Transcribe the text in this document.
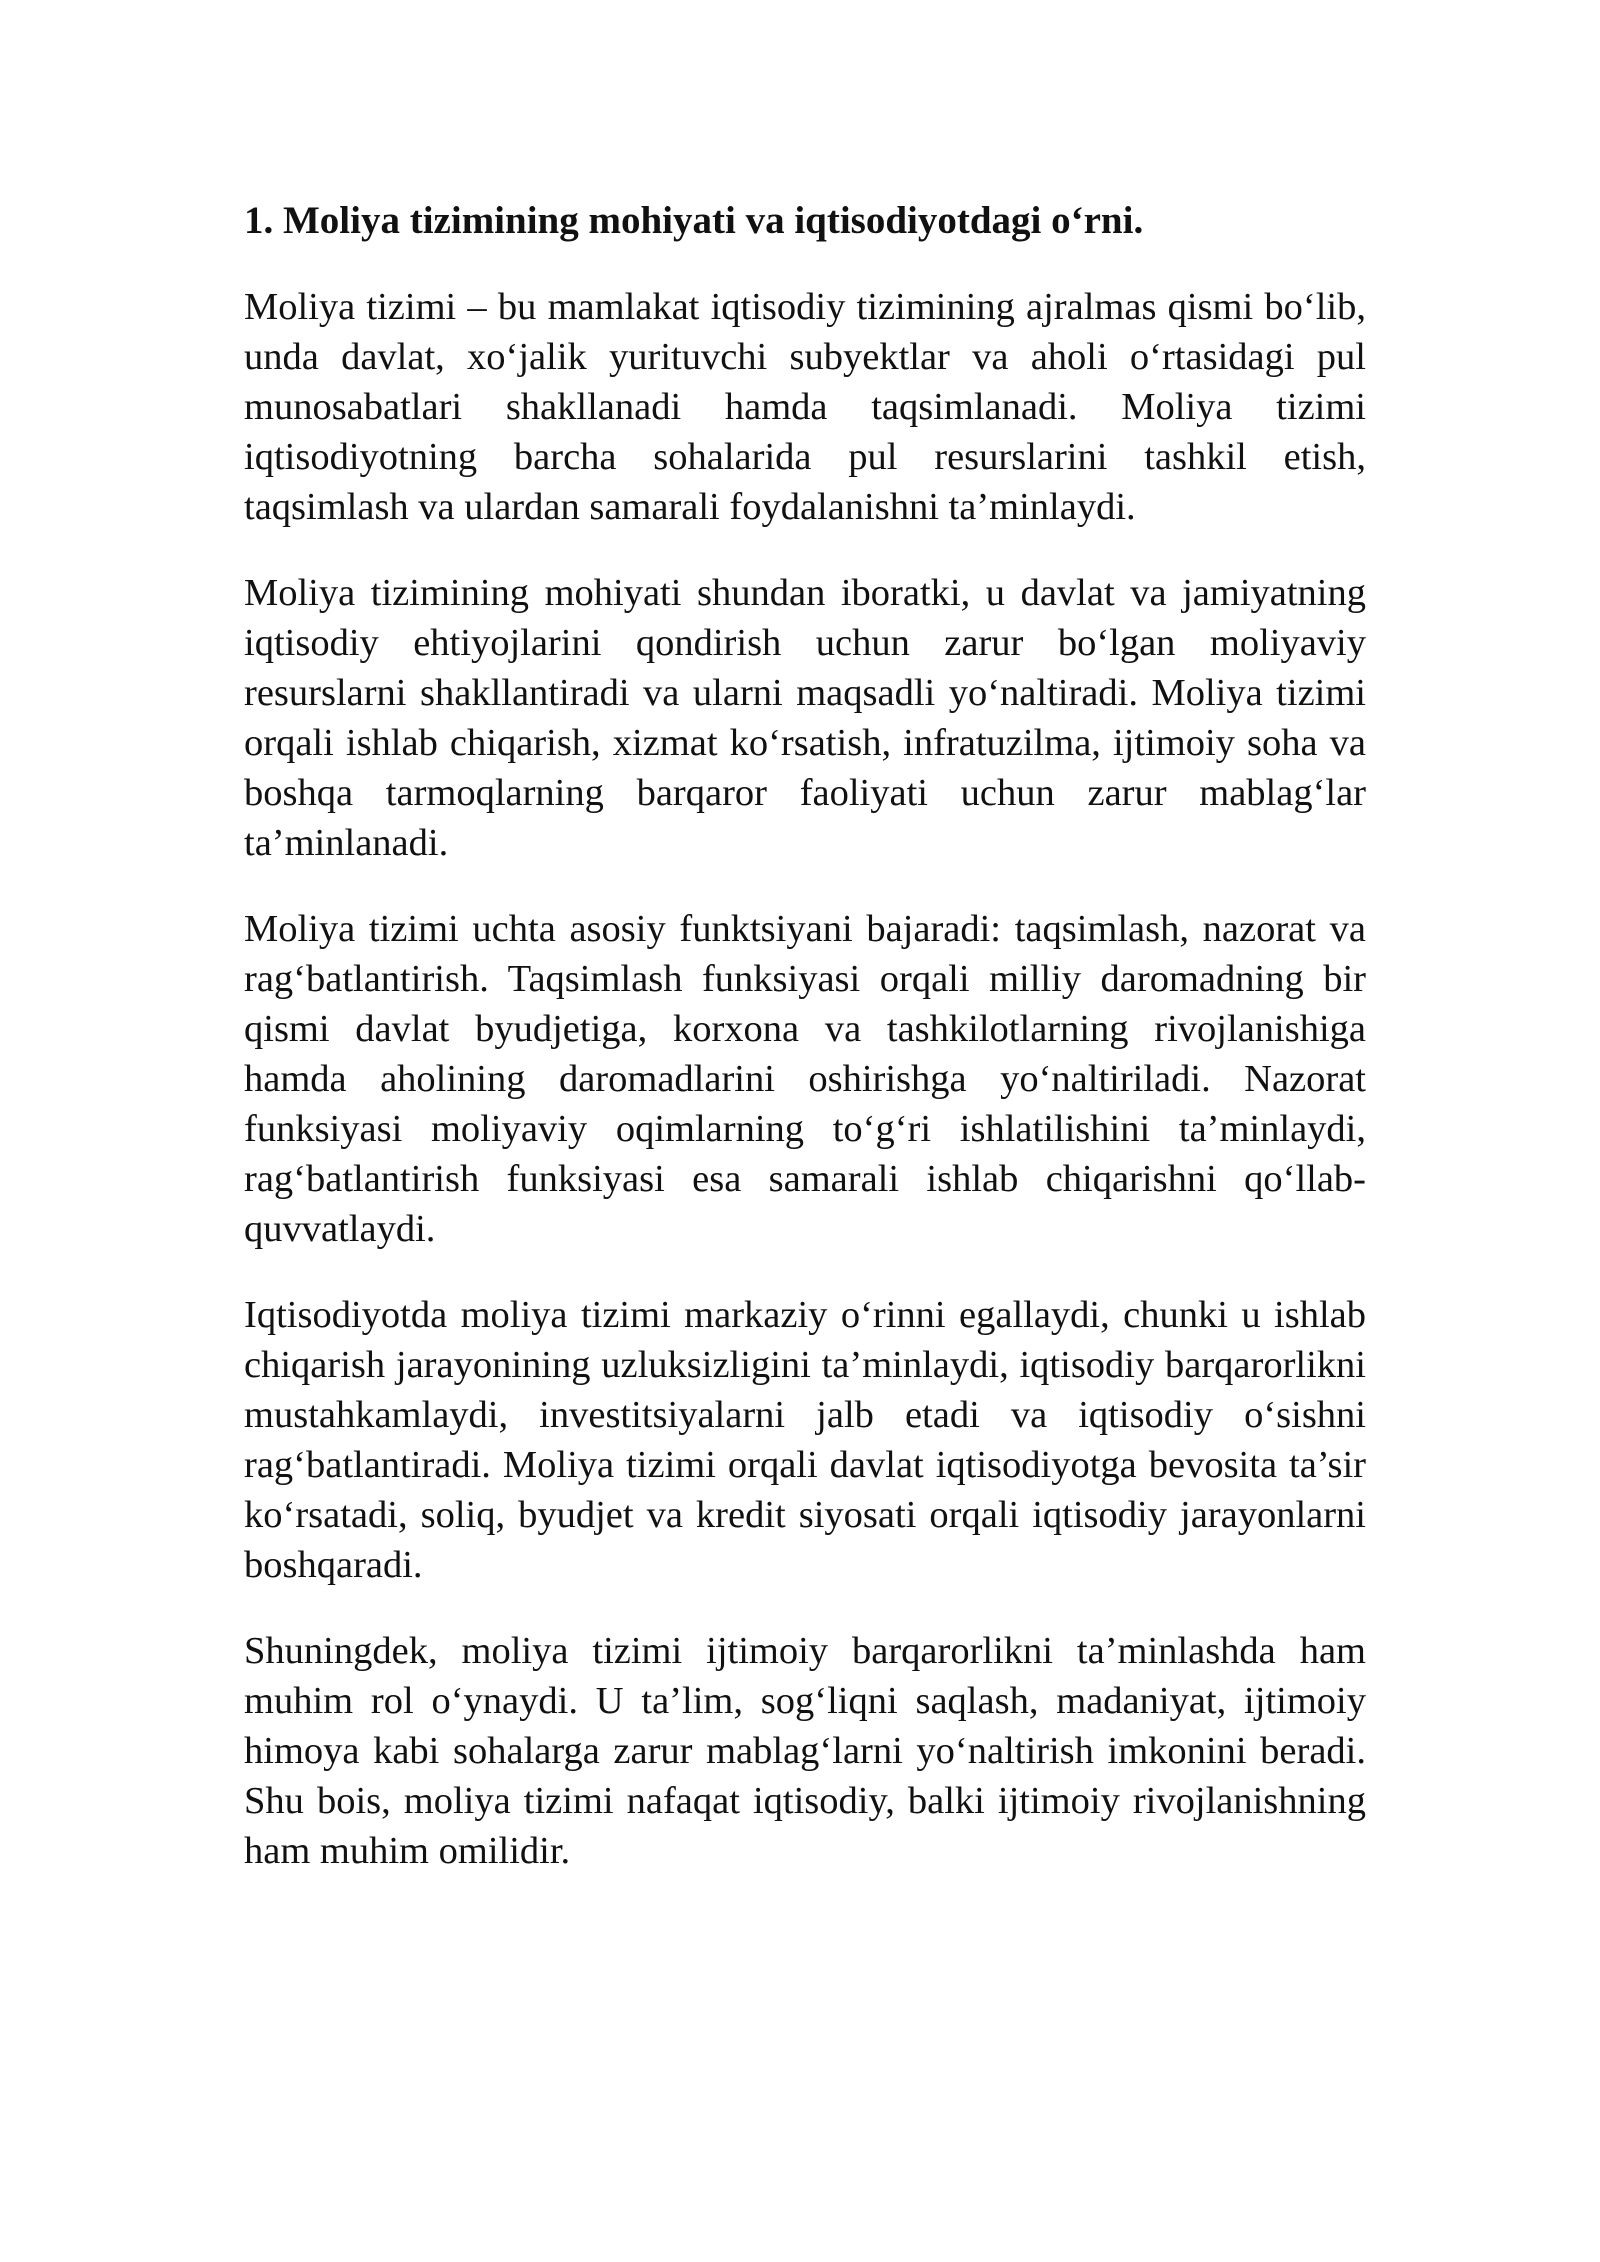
1. Moliya tizimining mohiyati va iqtisodiyotdagi o‘rni.

Moliya tizimi – bu mamlakat iqtisodiy tizimining ajralmas qismi bo‘lib, unda davlat, xo‘jalik yurituvchi subyektlar va aholi o‘rtasidagi pul munosabatlari shakllanadi hamda taqsimlanadi. Moliya tizimi iqtisodiyotning barcha sohalarida pul resurslarini tashkil etish, taqsimlash va ulardan samarali foydalanishni ta’minlaydi.

Moliya tizimining mohiyati shundan iboratki, u davlat va jamiyatning iqtisodiy ehtiyojlarini qondirish uchun zarur bo‘lgan moliyaviy resurslarni shakllantiradi va ularni maqsadli yo‘naltiradi. Moliya tizimi orqali ishlab chiqarish, xizmat ko‘rsatish, infratuzilma, ijtimoiy soha va boshqa tarmoqlarning barqaror faoliyati uchun zarur mablag‘lar ta’minlanadi.

Moliya tizimi uchta asosiy funktsiyani bajaradi: taqsimlash, nazorat va rag‘batlantirish. Taqsimlash funksiyasi orqali milliy daromadning bir qismi davlat byudjetiga, korxona va tashkilotlarning rivojlanishiga hamda aholining daromadlarini oshirishga yo‘naltiriladi. Nazorat funksiyasi moliyaviy oqimlarning to‘g‘ri ishlatilishini ta’minlaydi, rag‘batlantirish funksiyasi esa samarali ishlab chiqarishni qo‘llab-quvvatlaydi.

Iqtisodiyotda moliya tizimi markaziy o‘rinni egallaydi, chunki u ishlab chiqarish jarayonining uzluksizligini ta’minlaydi, iqtisodiy barqarorlikni mustahkamlaydi, investitsiyalarni jalb etadi va iqtisodiy o‘sishni rag‘batlantiradi. Moliya tizimi orqali davlat iqtisodiyotga bevosita ta’sir ko‘rsatadi, soliq, byudjet va kredit siyosati orqali iqtisodiy jarayonlarni boshqaradi.

Shuningdek, moliya tizimi ijtimoiy barqarorlikni ta’minlashda ham muhim rol o‘ynaydi. U ta’lim, sog‘liqni saqlash, madaniyat, ijtimoiy himoya kabi sohalarga zarur mablag‘larni yo‘naltirish imkonini beradi. Shu bois, moliya tizimi nafaqat iqtisodiy, balki ijtimoiy rivojlanishning ham muhim omilidir.
